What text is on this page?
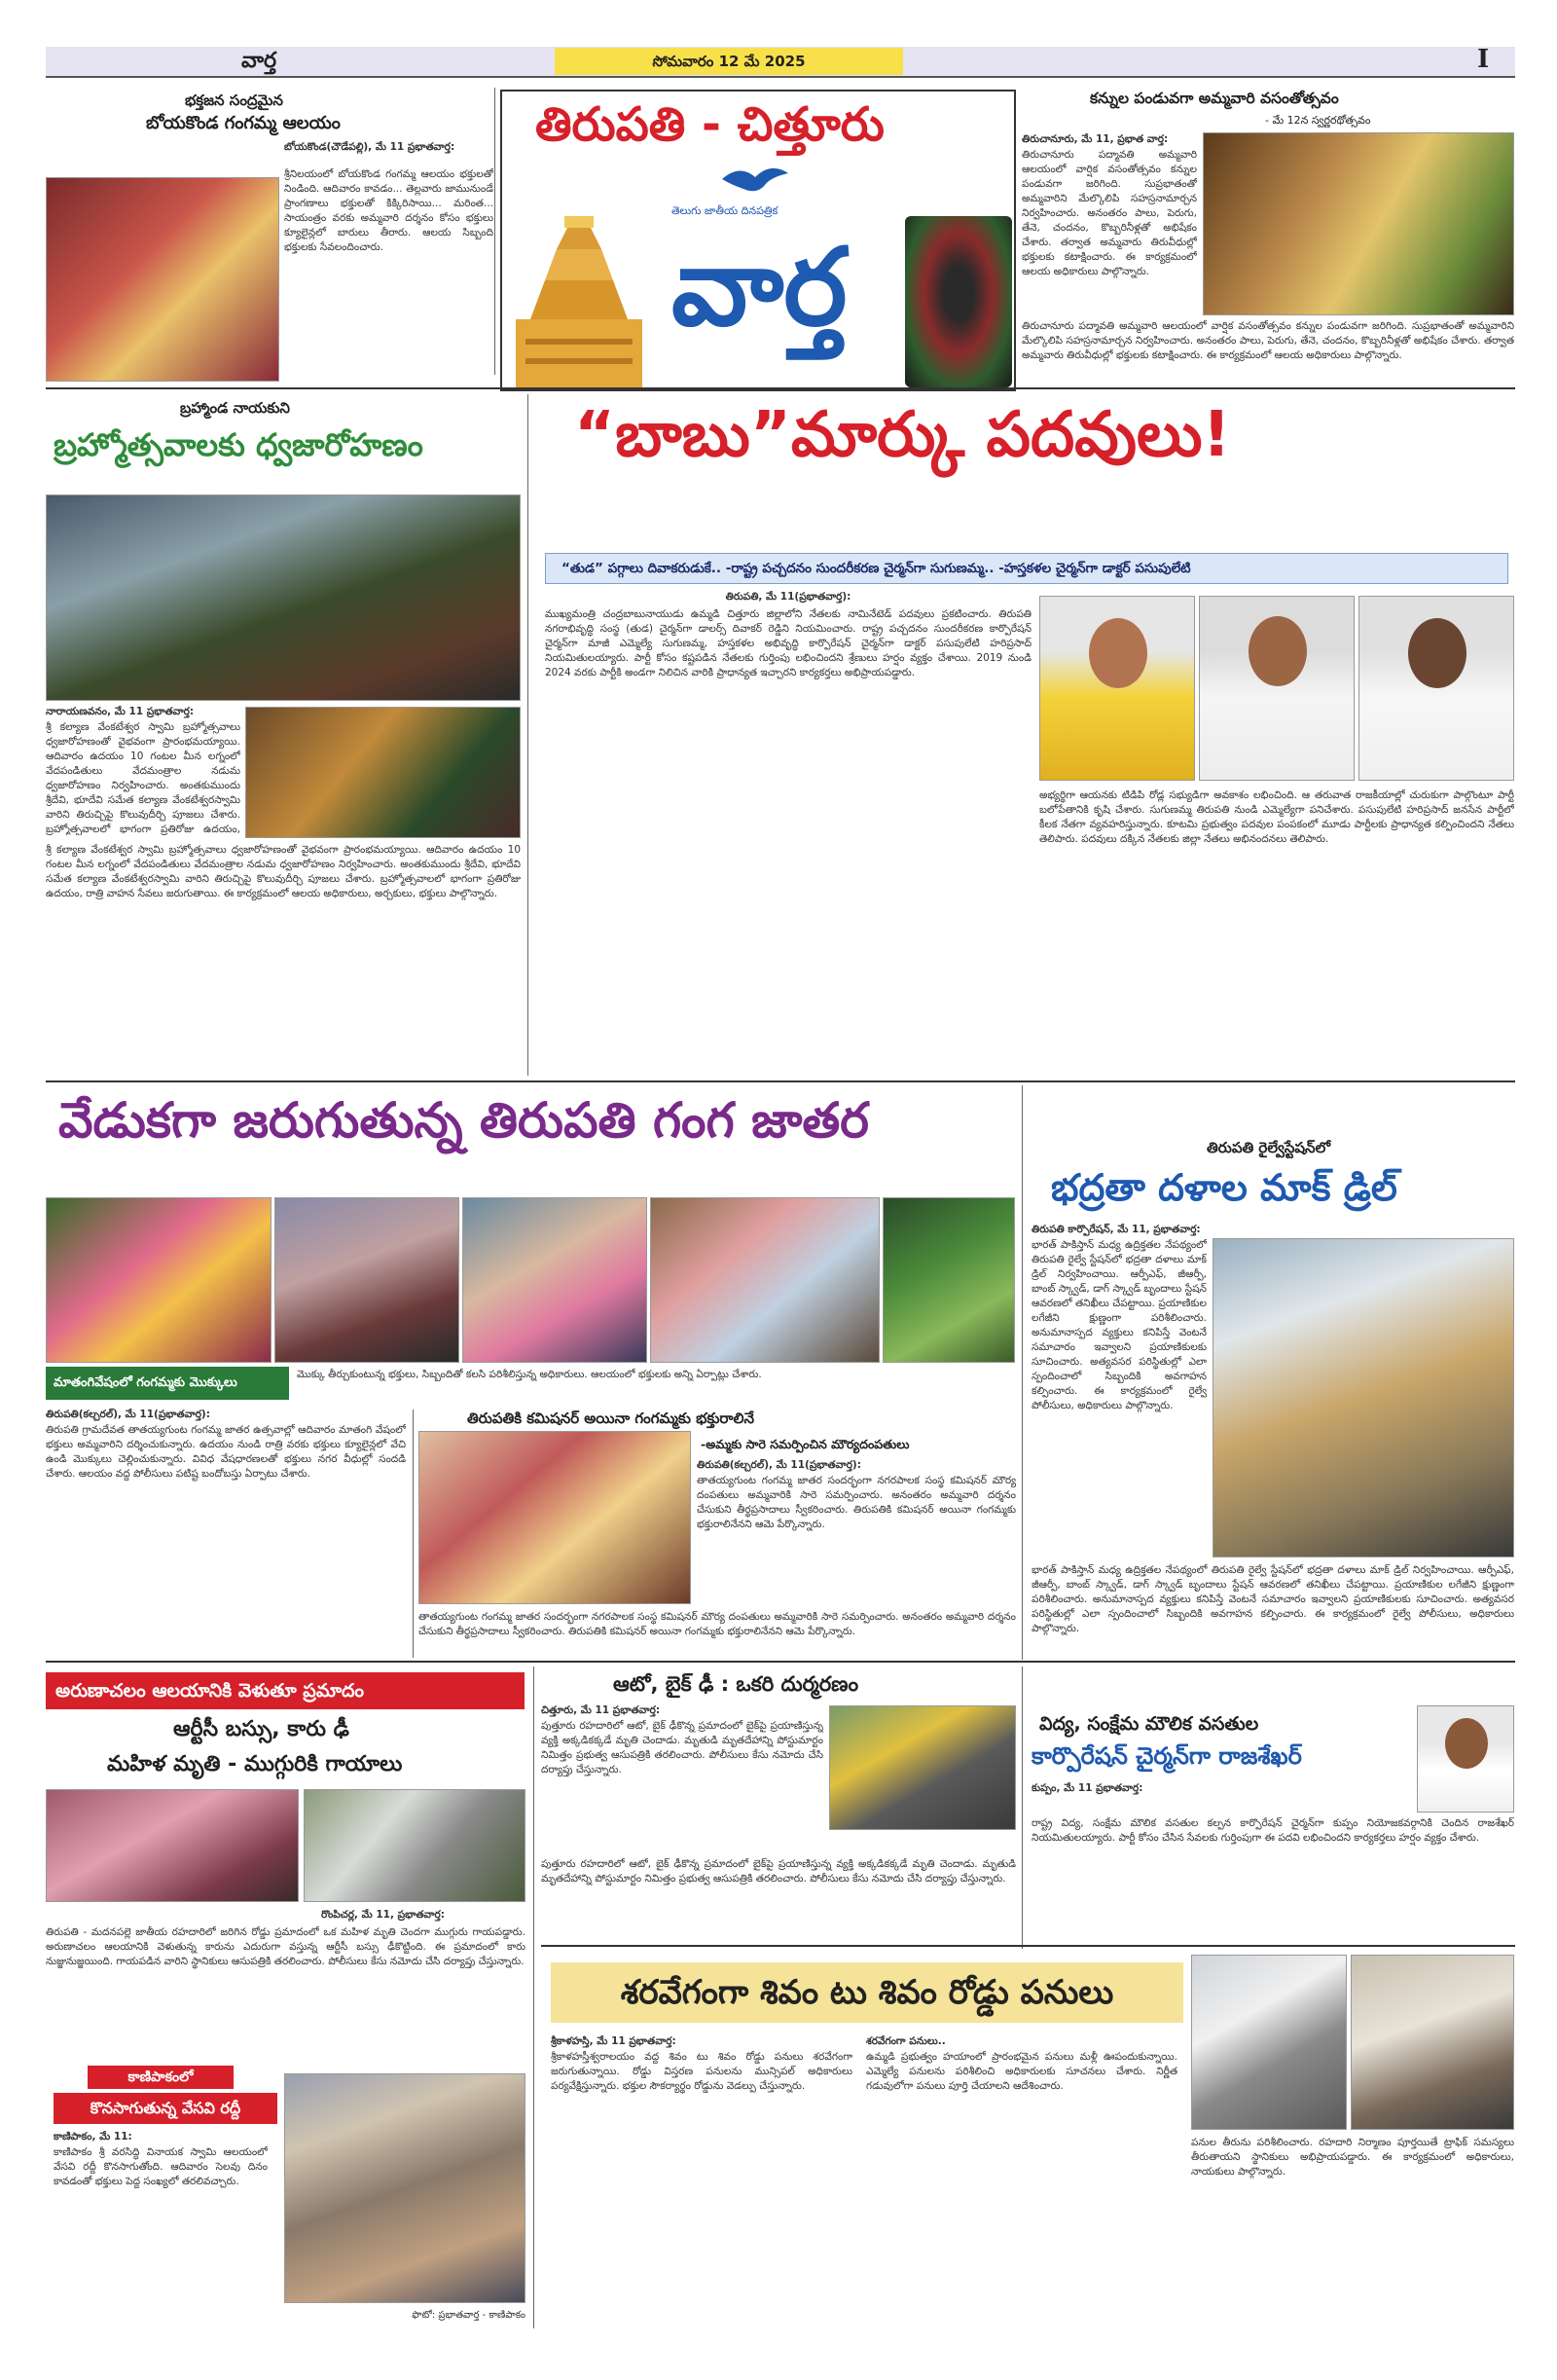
వార్త	సోమవారం 12 మే 2025	I
భక్తజన సంద్రమైన
బోయకొండ గంగమ్మ ఆలయం
బోయకొండ(చౌడేపల్లి), మే 11 ప్రభాతవార్త:
శ్రీనిలయంలో బోయకొండ గంగమ్మ ఆలయం భక్తులతో నిండింది. ఆదివారం కావడం... తెల్లవారు జామునుండే ప్రాంగణాలు భక్తులతో కిక్కిరిసాయి... మరింత... సాయంత్రం వరకు అమ్మవారి దర్శనం కోసం భక్తులు క్యూలైన్లలో బారులు తీరారు. ఆలయ సిబ్బంది భక్తులకు సేవలందించారు.
తిరుపతి - చిత్తూరు
తెలుగు జాతీయ దినపత్రిక
వార్త
కన్నుల పండువగా అమ్మవారి వసంతోత్సవం
- మే 12న స్వర్ణరథోత్సవం
తిరుచానూరు, మే 11, ప్రభాత వార్త:
తిరుచానూరు పద్మావతి అమ్మవారి ఆలయంలో వార్షిక వసంతోత్సవం కన్నుల పండువగా జరిగింది. సుప్రభాతంతో అమ్మవారిని మేల్కొలిపి సహస్రనామార్చన నిర్వహించారు. అనంతరం పాలు, పెరుగు, తేనె, చందనం, కొబ్బరినీళ్లతో అభిషేకం చేశారు. తర్వాత అమ్మవారు తిరువీధుల్లో భక్తులకు కటాక్షించారు. ఈ కార్యక్రమంలో ఆలయ అధికారులు పాల్గొన్నారు.
తిరుచానూరు పద్మావతి అమ్మవారి ఆలయంలో వార్షిక వసంతోత్సవం కన్నుల పండువగా జరిగింది. సుప్రభాతంతో అమ్మవారిని మేల్కొలిపి సహస్రనామార్చన నిర్వహించారు. అనంతరం పాలు, పెరుగు, తేనె, చందనం, కొబ్బరినీళ్లతో అభిషేకం చేశారు. తర్వాత అమ్మవారు తిరువీధుల్లో భక్తులకు కటాక్షించారు. ఈ కార్యక్రమంలో ఆలయ అధికారులు పాల్గొన్నారు.
బ్రహ్మాండ నాయకుని
బ్రహ్మోత్సవాలకు ధ్వజారోహణం
నారాయణవనం, మే 11 ప్రభాతవార్త:
శ్రీ కల్యాణ వేంకటేశ్వర స్వామి బ్రహ్మోత్సవాలు ధ్వజారోహణంతో వైభవంగా ప్రారంభమయ్యాయి. ఆదివారం ఉదయం 10 గంటల మీన లగ్నంలో వేదపండితులు వేదమంత్రాల నడుమ ధ్వజారోహణం నిర్వహించారు. అంతకుముందు శ్రీదేవి, భూదేవి సమేత కల్యాణ వేంకటేశ్వరస్వామి వారిని తిరుచ్చిపై కొలువుదీర్చి పూజలు చేశారు. బ్రహ్మోత్సవాలలో భాగంగా ప్రతిరోజు ఉదయం,
శ్రీ కల్యాణ వేంకటేశ్వర స్వామి బ్రహ్మోత్సవాలు ధ్వజారోహణంతో వైభవంగా ప్రారంభమయ్యాయి. ఆదివారం ఉదయం 10 గంటల మీన లగ్నంలో వేదపండితులు వేదమంత్రాల నడుమ ధ్వజారోహణం నిర్వహించారు. అంతకుముందు శ్రీదేవి, భూదేవి సమేత కల్యాణ వేంకటేశ్వరస్వామి వారిని తిరుచ్చిపై కొలువుదీర్చి పూజలు చేశారు. బ్రహ్మోత్సవాలలో భాగంగా ప్రతిరోజు ఉదయం, రాత్రి వాహన సేవలు జరుగుతాయి. ఈ కార్యక్రమంలో ఆలయ అధికారులు, అర్చకులు, భక్తులు పాల్గొన్నారు.
“బాబు”మార్కు పదవులు!
“తుడ” పగ్గాలు దివాకరుడుకే.. -రాష్ట్ర పచ్చదనం సుందరీకరణ చైర్మన్‌గా సుగుణమ్మ.. -హస్తకళల చైర్మన్‌గా డాక్టర్ పసుపులేటి
తిరుపతి, మే 11(ప్రభాతవార్త):
ముఖ్యమంత్రి చంద్రబాబునాయుడు ఉమ్మడి చిత్తూరు జిల్లాలోని నేతలకు నామినేటెడ్ పదవులు ప్రకటించారు. తిరుపతి నగరాభివృద్ధి సంస్థ (తుడ) చైర్మన్‌గా డాలర్స్ దివాకర్ రెడ్డిని నియమించారు. రాష్ట్ర పచ్చదనం సుందరీకరణ కార్పొరేషన్ చైర్మన్‌గా మాజీ ఎమ్మెల్యే సుగుణమ్మ, హస్తకళల అభివృద్ధి కార్పొరేషన్ చైర్మన్‌గా డాక్టర్ పసుపులేటి హరిప్రసాద్ నియమితులయ్యారు. పార్టీ కోసం కష్టపడిన నేతలకు గుర్తింపు లభించిందని శ్రేణులు హర్షం వ్యక్తం చేశాయి. 2019 నుండి 2024 వరకు పార్టీకి అండగా నిలిచిన వారికి ప్రాధాన్యత ఇచ్చారని కార్యకర్తలు అభిప్రాయపడ్డారు.
అభ్యర్థిగా ఆయనకు టిడిపి రోడ్ల సభ్యుడిగా అవకాశం లభించింది. ఆ తరువాత రాజకీయాల్లో చురుకుగా పాల్గొంటూ పార్టీ బలోపేతానికి కృషి చేశారు. సుగుణమ్మ తిరుపతి నుండి ఎమ్మెల్యేగా పనిచేశారు. పసుపులేటి హరిప్రసాద్ జనసేన పార్టీలో కీలక నేతగా వ్యవహరిస్తున్నారు. కూటమి ప్రభుత్వం పదవుల పంపకంలో మూడు పార్టీలకు ప్రాధాన్యత కల్పించిందని నేతలు తెలిపారు. పదవులు దక్కిన నేతలకు జిల్లా నేతలు అభినందనలు తెలిపారు.
వేడుకగా జరుగుతున్న తిరుపతి గంగ జాతర
మాతంగివేషంలో గంగమ్మకు మొక్కులు
మొక్కు తీర్చుకుంటున్న భక్తులు, సిబ్బందితో కలసి పరిశీలిస్తున్న అధికారులు. ఆలయంలో భక్తులకు అన్ని ఏర్పాట్లు చేశారు.
తిరుపతి(కల్చరల్), మే 11(ప్రభాతవార్త):
తిరుపతి గ్రామదేవత తాతయ్యగుంట గంగమ్మ జాతర ఉత్సవాల్లో ఆదివారం మాతంగి వేషంలో భక్తులు అమ్మవారిని దర్శించుకున్నారు. ఉదయం నుండి రాత్రి వరకు భక్తులు క్యూలైన్లలో వేచి ఉండి మొక్కులు చెల్లించుకున్నారు. వివిధ వేషధారణలతో భక్తులు నగర వీధుల్లో సందడి చేశారు. ఆలయం వద్ద పోలీసులు పటిష్ట బందోబస్తు ఏర్పాటు చేశారు.
తిరుపతికి కమిషనర్ అయినా గంగమ్మకు భక్తురాలినే
-అమ్మకు సారె సమర్పించిన మౌర్యదంపతులు
తిరుపతి(కల్చరల్), మే 11(ప్రభాతవార్త):
తాతయ్యగుంట గంగమ్మ జాతర సందర్భంగా నగరపాలక సంస్థ కమిషనర్ మౌర్య దంపతులు అమ్మవారికి సారె సమర్పించారు. అనంతరం అమ్మవారి దర్శనం చేసుకుని తీర్థప్రసాదాలు స్వీకరించారు. తిరుపతికి కమిషనర్ అయినా గంగమ్మకు భక్తురాలినేనని ఆమె పేర్కొన్నారు.
తాతయ్యగుంట గంగమ్మ జాతర సందర్భంగా నగరపాలక సంస్థ కమిషనర్ మౌర్య దంపతులు అమ్మవారికి సారె సమర్పించారు. అనంతరం అమ్మవారి దర్శనం చేసుకుని తీర్థప్రసాదాలు స్వీకరించారు. తిరుపతికి కమిషనర్ అయినా గంగమ్మకు భక్తురాలినేనని ఆమె పేర్కొన్నారు.
తిరుపతి రైల్వేస్టేషన్‌లో
భద్రతా దళాల మాక్ డ్రిల్
తిరుపతి కార్పొరేషన్, మే 11, ప్రభాతవార్త:
భారత్ పాకిస్తాన్ మధ్య ఉద్రిక్తతల నేపథ్యంలో తిరుపతి రైల్వే స్టేషన్‌లో భద్రతా దళాలు మాక్ డ్రిల్ నిర్వహించాయి. ఆర్పీఎఫ్, జీఆర్పీ, బాంబ్ స్క్వాడ్, డాగ్ స్క్వాడ్ బృందాలు స్టేషన్ ఆవరణలో తనిఖీలు చేపట్టాయి. ప్రయాణికుల లగేజీని క్షుణ్ణంగా పరిశీలించారు. అనుమానాస్పద వ్యక్తులు కనిపిస్తే వెంటనే సమాచారం ఇవ్వాలని ప్రయాణికులకు సూచించారు. అత్యవసర పరిస్థితుల్లో ఎలా స్పందించాలో సిబ్బందికి అవగాహన కల్పించారు. ఈ కార్యక్రమంలో రైల్వే పోలీసులు, అధికారులు పాల్గొన్నారు.
భారత్ పాకిస్తాన్ మధ్య ఉద్రిక్తతల నేపథ్యంలో తిరుపతి రైల్వే స్టేషన్‌లో భద్రతా దళాలు మాక్ డ్రిల్ నిర్వహించాయి. ఆర్పీఎఫ్, జీఆర్పీ, బాంబ్ స్క్వాడ్, డాగ్ స్క్వాడ్ బృందాలు స్టేషన్ ఆవరణలో తనిఖీలు చేపట్టాయి. ప్రయాణికుల లగేజీని క్షుణ్ణంగా పరిశీలించారు. అనుమానాస్పద వ్యక్తులు కనిపిస్తే వెంటనే సమాచారం ఇవ్వాలని ప్రయాణికులకు సూచించారు. అత్యవసర పరిస్థితుల్లో ఎలా స్పందించాలో సిబ్బందికి అవగాహన కల్పించారు. ఈ కార్యక్రమంలో రైల్వే పోలీసులు, అధికారులు పాల్గొన్నారు.
అరుణాచలం ఆలయానికి వెళుతూ ప్రమాదం
ఆర్టీసీ బస్సు, కారు ఢీ
మహిళ మృతి - ముగ్గురికి గాయాలు
రొంపిచర్ల, మే 11, ప్రభాతవార్త:
తిరుపతి - మదనపల్లె జాతీయ రహదారిలో జరిగిన రోడ్డు ప్రమాదంలో ఒక మహిళ మృతి చెందగా ముగ్గురు గాయపడ్డారు. అరుణాచలం ఆలయానికి వెళుతున్న కారును ఎదురుగా వస్తున్న ఆర్టీసీ బస్సు ఢీకొట్టింది. ఈ ప్రమాదంలో కారు నుజ్జునుజ్జయింది. గాయపడిన వారిని స్థానికులు ఆసుపత్రికి తరలించారు. పోలీసులు కేసు నమోదు చేసి దర్యాప్తు చేస్తున్నారు.
ఆటో, బైక్ ఢీ : ఒకరి దుర్మరణం
చిత్తూరు, మే 11 ప్రభాతవార్త:
పుత్తూరు రహదారిలో ఆటో, బైక్ ఢీకొన్న ప్రమాదంలో బైక్‌పై ప్రయాణిస్తున్న వ్యక్తి అక్కడికక్కడే మృతి చెందాడు. మృతుడి మృతదేహాన్ని పోస్టుమార్టం నిమిత్తం ప్రభుత్వ ఆసుపత్రికి తరలించారు. పోలీసులు కేసు నమోదు చేసి దర్యాప్తు చేస్తున్నారు.
పుత్తూరు రహదారిలో ఆటో, బైక్ ఢీకొన్న ప్రమాదంలో బైక్‌పై ప్రయాణిస్తున్న వ్యక్తి అక్కడికక్కడే మృతి చెందాడు. మృతుడి మృతదేహాన్ని పోస్టుమార్టం నిమిత్తం ప్రభుత్వ ఆసుపత్రికి తరలించారు. పోలీసులు కేసు నమోదు చేసి దర్యాప్తు చేస్తున్నారు.
విద్య, సంక్షేమ మౌలిక వసతుల
కార్పొరేషన్ చైర్మన్‌గా రాజశేఖర్
కుప్పం, మే 11 ప్రభాతవార్త:
రాష్ట్ర విద్య, సంక్షేమ మౌలిక వసతుల కల్పన కార్పొరేషన్ చైర్మన్‌గా కుప్పం నియోజకవర్గానికి చెందిన రాజశేఖర్ నియమితులయ్యారు. పార్టీ కోసం చేసిన సేవలకు గుర్తింపుగా ఈ పదవి లభించిందని కార్యకర్తలు హర్షం వ్యక్తం చేశారు.
కాణిపాకంలో
కొనసాగుతున్న వేసవి రద్దీ
కాణిపాకం, మే 11:
కాణిపాకం శ్రీ వరసిద్ధి వినాయక స్వామి ఆలయంలో వేసవి రద్దీ కొనసాగుతోంది. ఆదివారం సెలవు దినం కావడంతో భక్తులు పెద్ద సంఖ్యలో తరలివచ్చారు.
ఫొటో: ప్రభాతవార్త - కాణిపాకం
శరవేగంగా శివం టు శివం రోడ్డు పనులు
శ్రీకాళహస్తి, మే 11 ప్రభాతవార్త:
శ్రీకాళహస్తీశ్వరాలయం వద్ద శివం టు శివం రోడ్డు పనులు శరవేగంగా జరుగుతున్నాయి. రోడ్డు విస్తరణ పనులను మున్సిపల్ అధికారులు పర్యవేక్షిస్తున్నారు. భక్తుల సౌకర్యార్థం రోడ్డును వెడల్పు చేస్తున్నారు.
శరవేగంగా పనులు..
ఉమ్మడి ప్రభుత్వం హయాంలో ప్రారంభమైన పనులు మళ్లీ ఊపందుకున్నాయి. ఎమ్మెల్యే పనులను పరిశీలించి అధికారులకు సూచనలు చేశారు. నిర్ణీత గడువులోగా పనులు పూర్తి చేయాలని ఆదేశించారు.
పనుల తీరును పరిశీలించారు. రహదారి నిర్మాణం పూర్తయితే ట్రాఫిక్ సమస్యలు తీరుతాయని స్థానికులు అభిప్రాయపడ్డారు. ఈ కార్యక్రమంలో అధికారులు, నాయకులు పాల్గొన్నారు.
